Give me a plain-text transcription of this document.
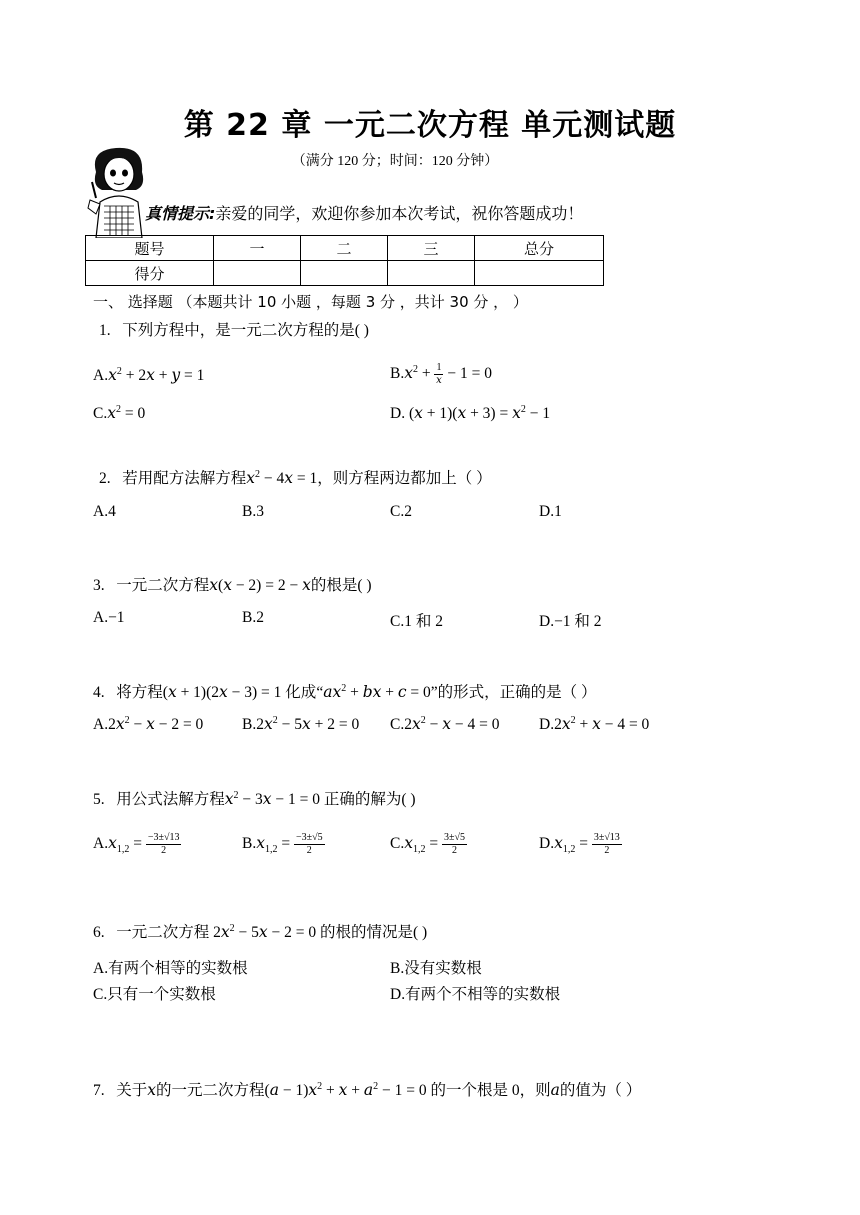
第 22 章 一元二次方程 单元测试题
（满分 120 分；时间：120 分钟）
真情提示:亲爱的同学，欢迎你参加本次考试，祝你答题成功！
题号	一	二	三	总分
得分				
一、 选择题 （本题共计 10 小题 ，每题 3 分 ，共计 30 分 ， ）
1. 下列方程中，是一元二次方程的是( )
$A.x^2 + 2x + y = 1$	$B.x^2 + \frac{1}{x} - 1 = 0$
$C.x^2 = 0$	D. $(x + 1)(x + 3) = x^2 - 1$
2. 若用配方法解方程$x^2 - 4x = 1$，则方程两边都加上（ ）
A.4	B.3	C.2	D.1
3. 一元二次方程x(x − 2) = 2 − x的根是( )
A.−1	B.2	C.1 和 2	D.−1 和 2
4. 将方程(x + 1)(2x − 3) = 1 化成“$ax^2$ + bx + c = 0”的形式，正确的是（ ）
$A.2x^2 - x - 2 = 0$ $B.2x^2 - 5x + 2 = 0$ $C.2x^2 - x - 4 = 0$	$D.2x^2 + x - 4 = 0$
5. 用公式法解方程$x^2 - 3x - 1 = 0$ 正确的解为( )
$A.x_{1,2} = \frac{-3\pm√13}{2}$	$B.x_{1,2} = \frac{-3\pm√5}{2}$	$C.x_{1,2} = \frac{3\pm√5}{2}$	$D.x_{1,2} = \frac{3\pm√13}{2}$
6. 一元二次方程 $2x^2 - 5x - 2 = 0$ 的根的情况是( )
A.有两个相等的实数根	B.没有实数根
C.只有一个实数根	D.有两个不相等的实数根
7. 关于x的一元二次方程$(a - 1)x^2 + x + a^2 - 1 = 0$ 的一个根是 0，则a的值为（ ）
